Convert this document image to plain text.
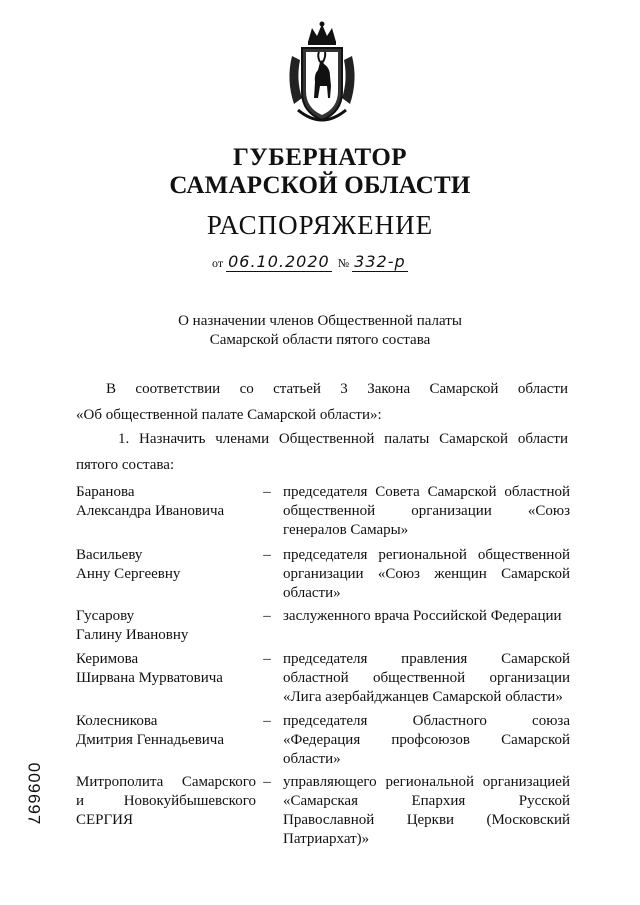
ГУБЕРНАТОР
САМАРСКОЙ ОБЛАСТИ
РАСПОРЯЖЕНИЕ
от 06.10.2020 № 332-р
О назначении членов Общественной палаты
Самарской области пятого состава
В соответствии со статьей 3 Закона Самарской области
«Об общественной палате Самарской области»:
1. Назначить членами Общественной палаты Самарской области
пятого состава:
Баранова
Александра Ивановича
– председателя Совета Самарской областной
общественной организации «Союз
генералов Самары»
Васильеву
Анну Сергеевну
– председателя региональной общественной
организации «Союз женщин Самарской
области»
Гусарову
Галину Ивановну
– заслуженного врача Российской Федерации
Керимова
Ширвана Мурватовича
– председателя правления Самарской
областной общественной организации
«Лига азербайджанцев Самарской области»
Колесникова
Дмитрия Геннадьевича
– председателя Областного союза
«Федерация профсоюзов Самарской
области»
Митрополита Самарского
и Новокуйбышевского
СЕРГИЯ
– управляющего региональной организацией
«Самарская Епархия Русской
Православной Церкви (Московский
Патриархат)»
009697
